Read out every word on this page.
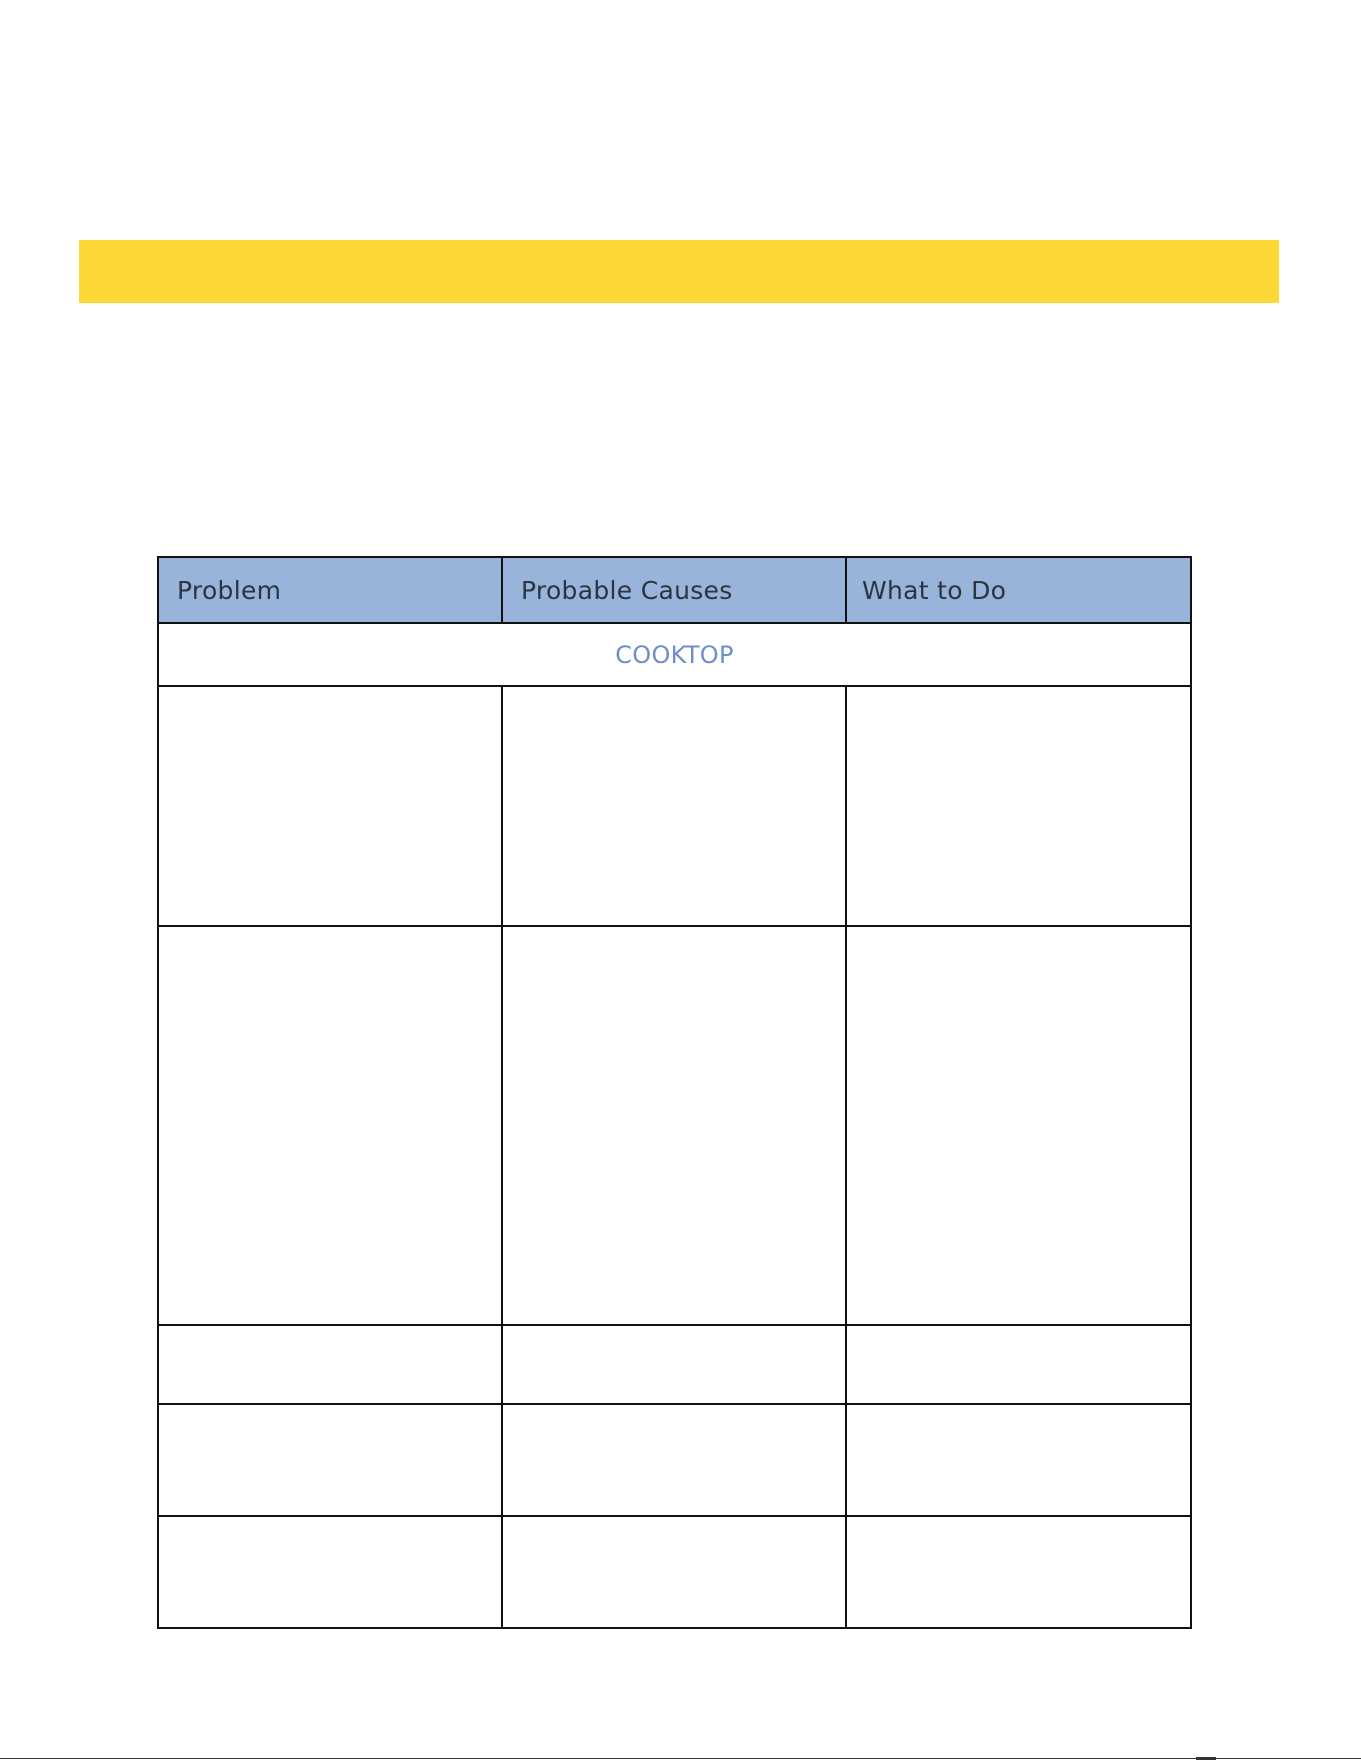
Problem	Probable Causes	What to Do
COOKTOP		
